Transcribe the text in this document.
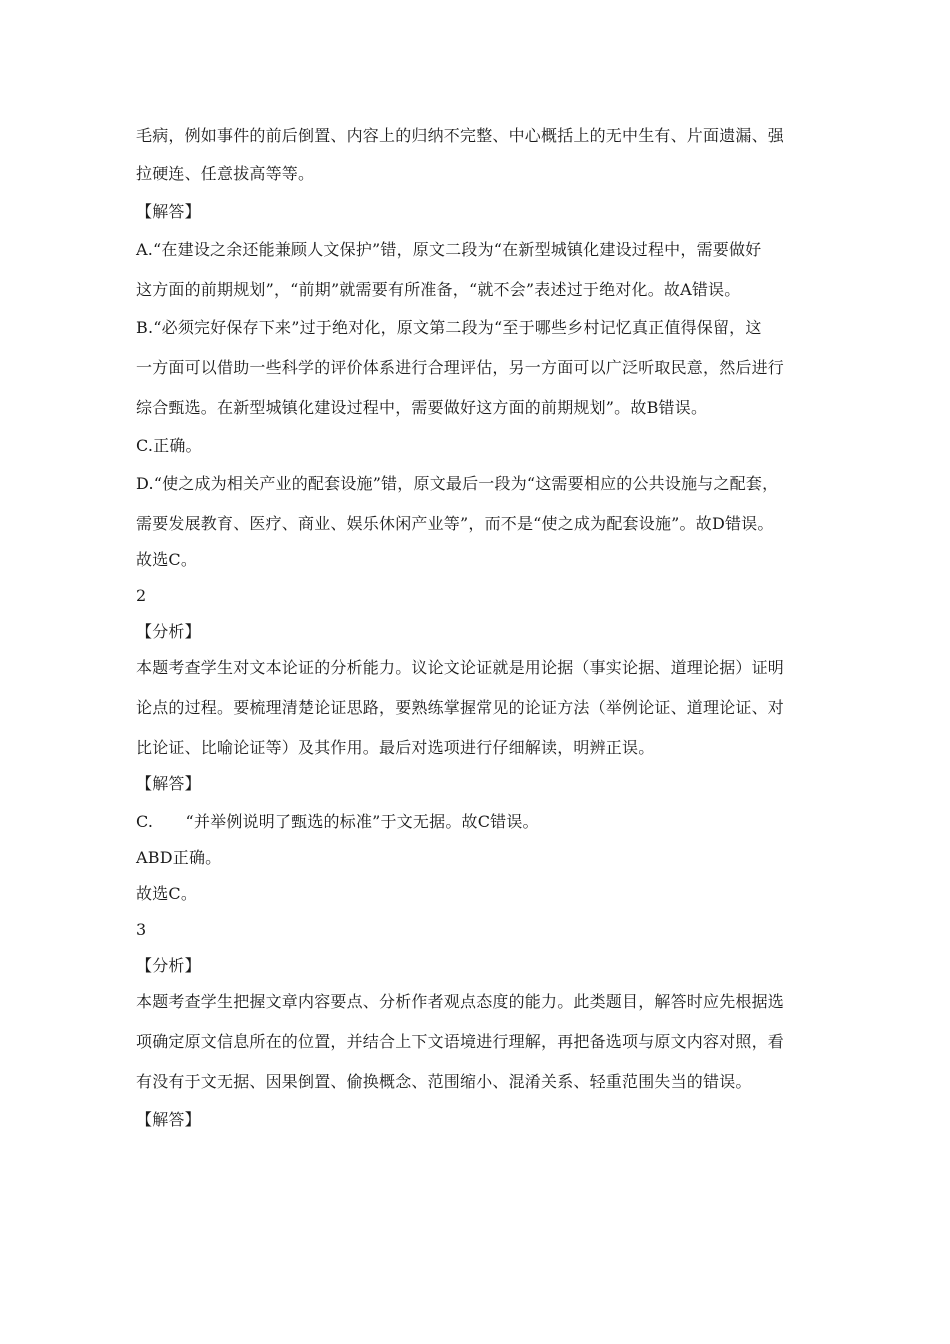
毛病，例如事件的前后倒置、内容上的归纳不完整、中心概括上的无中生有、片面遗漏、强
拉硬连、任意拔高等等。
【解答】
A.“在建设之余还能兼顾人文保护”错，原文二段为“在新型城镇化建设过程中，需要做好
这方面的前期规划”，“前期”就需要有所准备，“就不会”表述过于绝对化。故A错误。
B.“必须完好保存下来”过于绝对化，原文第二段为“至于哪些乡村记忆真正值得保留，这
一方面可以借助一些科学的评价体系进行合理评估，另一方面可以广泛听取民意，然后进行
综合甄选。在新型城镇化建设过程中，需要做好这方面的前期规划”。故B错误。
C.正确。
D.“使之成为相关产业的配套设施”错，原文最后一段为“这需要相应的公共设施与之配套，
需要发展教育、医疗、商业、娱乐休闲产业等”，而不是“使之成为配套设施”。故D错误。
故选C。
2
【分析】
本题考查学生对文本论证的分析能力。议论文论证就是用论据（事实论据、道理论据）证明
论点的过程。要梳理清楚论证思路，要熟练掌握常见的论证方法（举例论证、道理论证、对
比论证、比喻论证等）及其作用。最后对选项进行仔细解读，明辨正误。
【解答】
C.　　“并举例说明了甄选的标准”于文无据。故C错误。
ABD正确。
故选C。
3
【分析】
本题考查学生把握文章内容要点、分析作者观点态度的能力。此类题目，解答时应先根据选
项确定原文信息所在的位置，并结合上下文语境进行理解，再把备选项与原文内容对照，看
有没有于文无据、因果倒置、偷换概念、范围缩小、混淆关系、轻重范围失当的错误。
【解答】
